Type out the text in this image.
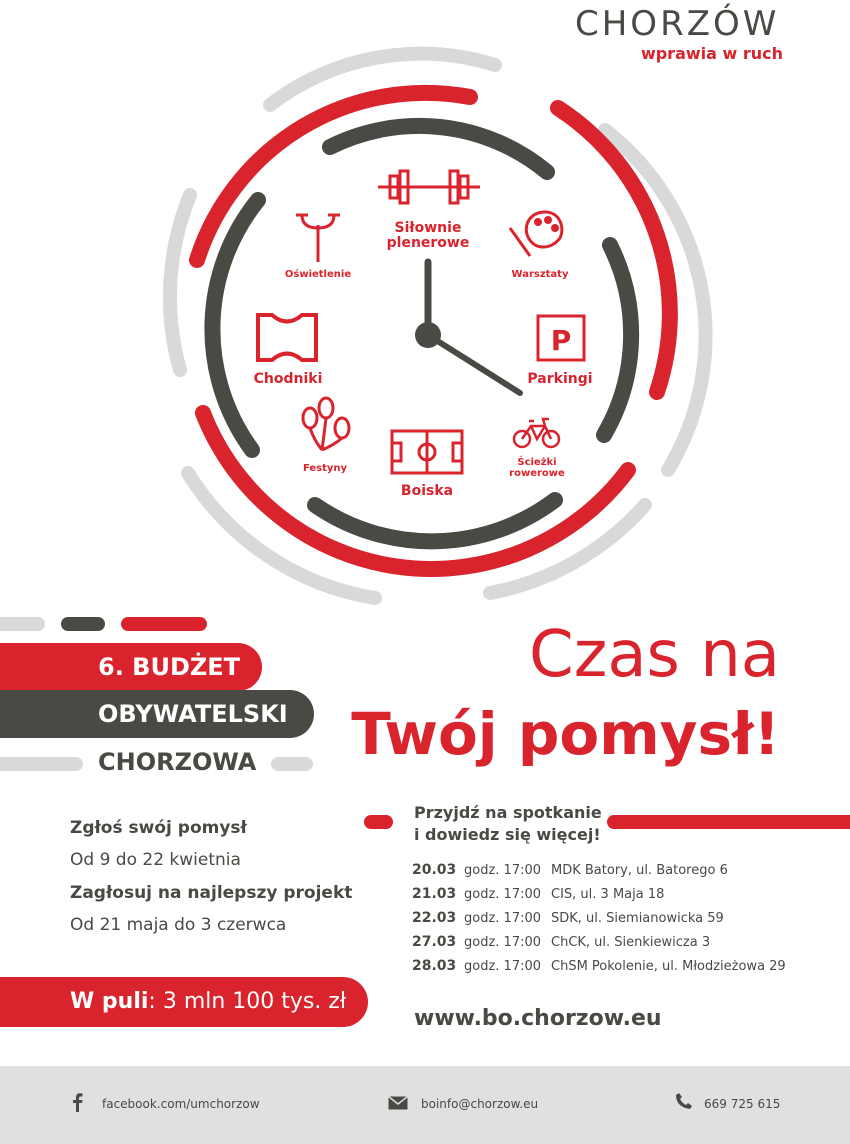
CHORZÓW
wprawia w ruch
P
Siłownie
plenerowe
Oświetlenie	Warsztaty
Chodniki	Parkingi
Festyny
Boiska
Ścieżki
rowerowe
6. BUDŻET
OBYWATELSKI
CHORZOWA
Zgłoś swój pomysł
Od 9 do 22 kwietnia
Zagłosuj na najlepszy projekt
Od 21 maja do 3 czerwca
W puli: 3 mln 100 tys. zł
Czas na
Twój pomysł!
Przyjdź na spotkanie
i dowiedz się więcej!
20.03	godz. 17:00	MDK Batory, ul. Batorego 6
21.03	godz. 17:00	CIS, ul. 3 Maja 18
22.03	godz. 17:00	SDK, ul. Siemianowicka 59
27.03	godz. 17:00	ChCK, ul. Sienkiewicza 3
28.03	godz. 17:00	ChSM Pokolenie, ul. Młodzieżowa 29
www.bo.chorzow.eu
facebook.com/umchorzow	boinfo@chorzow.eu	669 725 615
